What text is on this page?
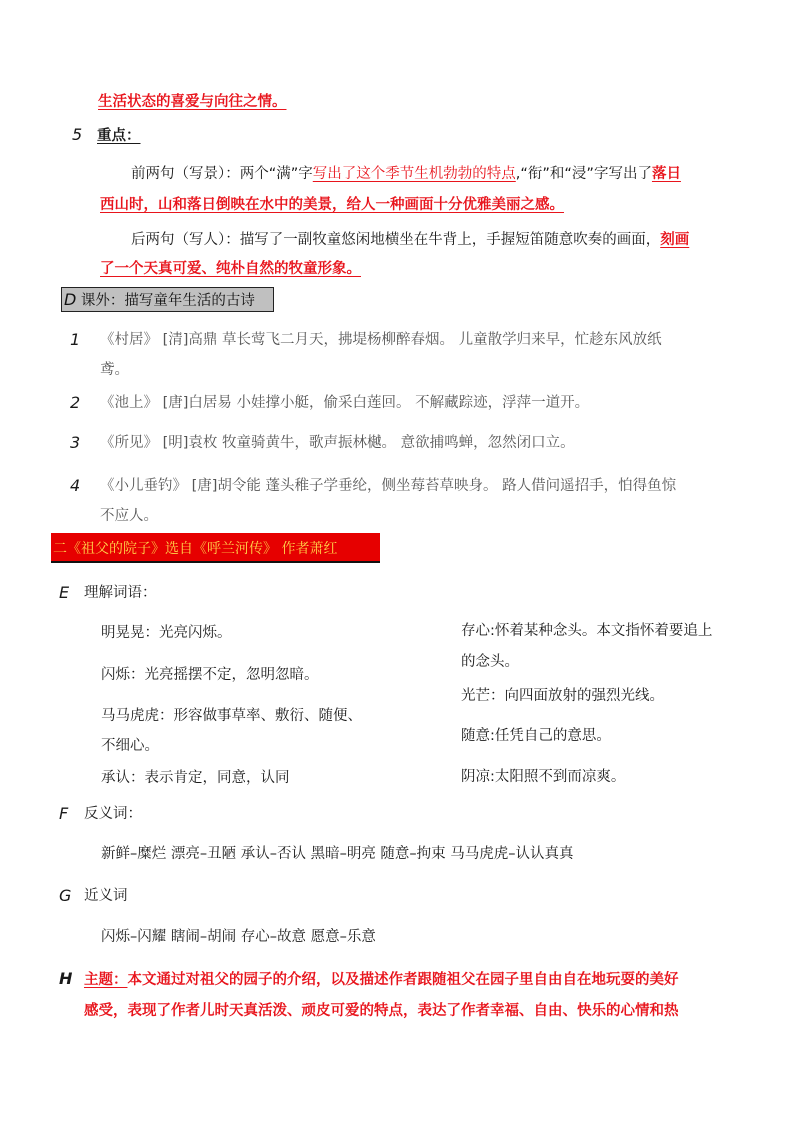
生活状态的喜爱与向往之情。
5 重点：
前两句（写景）：两个“满”字写出了这个季节生机勃勃的特点,“衔”和“浸”字写出了落日
西山时，山和落日倒映在水中的美景，给人一种画面十分优雅美丽之感。
后两句（写人）：描写了一副牧童悠闲地横坐在牛背上，手握短笛随意吹奏的画面，刻画
了一个天真可爱、纯朴自然的牧童形象。
D 课外：描写童年生活的古诗
1 《村居》 [清]高鼎 草长莺飞二月天，拂堤杨柳醉春烟。 儿童散学归来早，忙趁东风放纸
鸢。
2 《池上》 [唐]白居易 小娃撑小艇，偷采白莲回。 不解藏踪迹，浮萍一道开。
3 《所见》 [明]袁枚 牧童骑黄牛，歌声振林樾。 意欲捕鸣蝉，忽然闭口立。
4 《小儿垂钓》 [唐]胡令能 蓬头稚子学垂纶，侧坐莓苔草映身。 路人借问遥招手，怕得鱼惊
不应人。
二《祖父的院子》选自《呼兰河传》 作者萧红
E 理解词语：
明晃晃：光亮闪烁。
闪烁：光亮摇摆不定，忽明忽暗。
马马虎虎：形容做事草率、敷衍、随便、
不细心。
承认：表示肯定，同意，认同
存心:怀着某种念头。本文指怀着要追上
的念头。
光芒：向四面放射的强烈光线。
随意:任凭自己的意思。
阴凉:太阳照不到而凉爽。
F 反义词：
新鲜–糜烂 漂亮–丑陋 承认–否认 黑暗–明亮 随意–拘束 马马虎虎–认认真真
G 近义词
闪烁–闪耀 瞎闹–胡闹 存心–故意 愿意–乐意
H 主题：本文通过对祖父的园子的介绍，以及描述作者跟随祖父在园子里自由自在地玩耍的美好
感受，表现了作者儿时天真活泼、顽皮可爱的特点，表达了作者幸福、自由、快乐的心情和热
